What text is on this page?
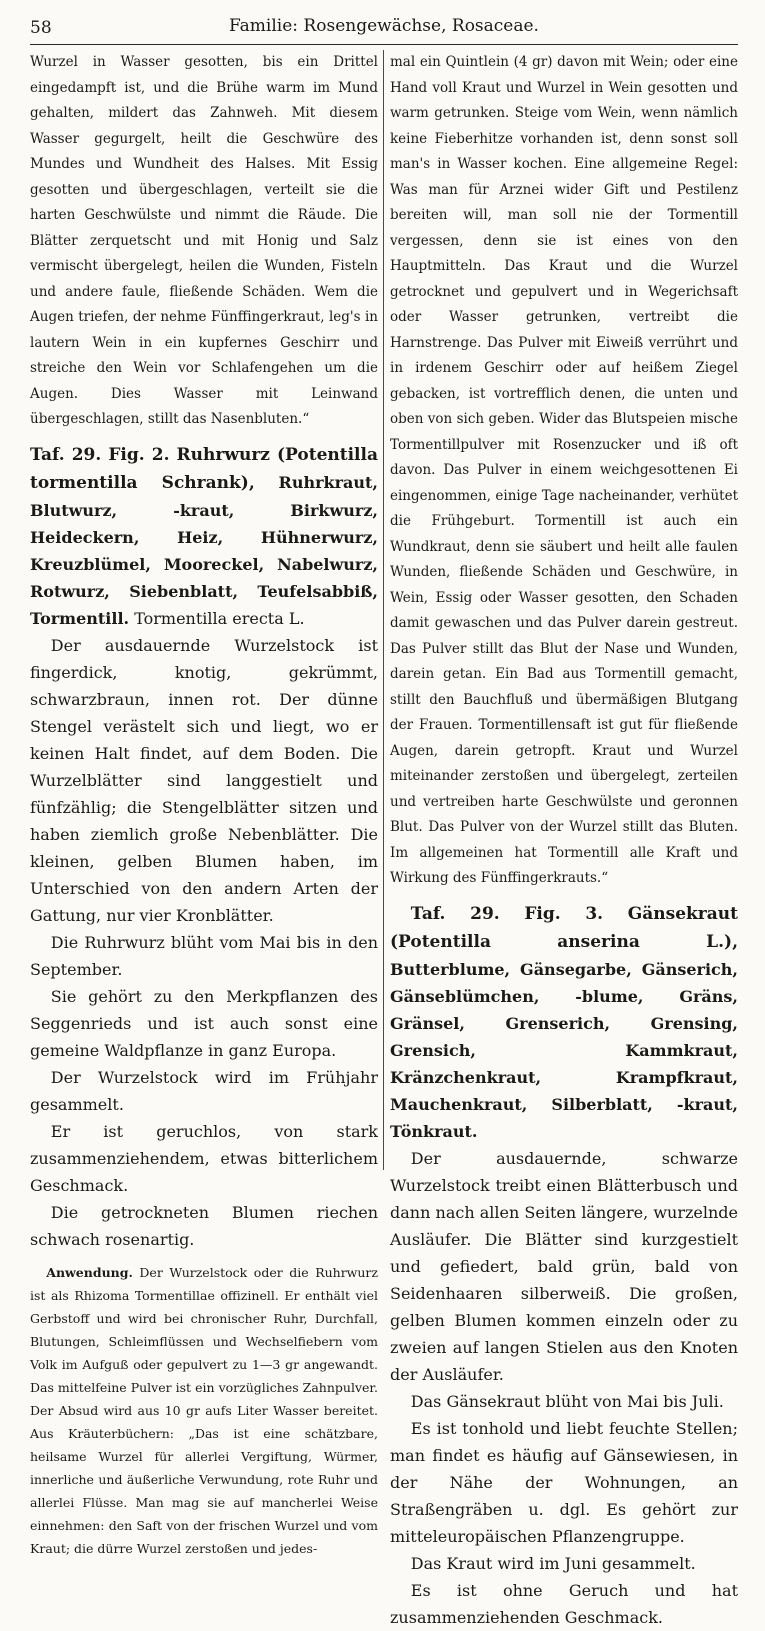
58	Familie: Rosengewächse, Rosaceae.

Wurzel in Wasser gesotten, bis ein Drittel eingedampft ist, und die Brühe warm im Mund gehalten, mildert das Zahnweh. Mit diesem Wasser gegurgelt, heilt die Geschwüre des Mundes und Wundheit des Halses. Mit Essig gesotten und übergeschlagen, verteilt sie die harten Geschwülste und nimmt die Räude. Die Blätter zerquetscht und mit Honig und Salz vermischt übergelegt, heilen die Wunden, Fisteln und andere faule, fließende Schäden. Wem die Augen triefen, der nehme Fünffingerkraut, leg's in lautern Wein in ein kupfernes Geschirr und streiche den Wein vor Schlafengehen um die Augen. Dies Wasser mit Leinwand übergeschlagen, stillt das Nasenbluten.“

Taf. 29. Fig. 2. Ruhrwurz (Potentilla tormentilla Schrank), Ruhrkraut, Blutwurz, -kraut, Birkwurz, Heideckern, Heiz, Hühnerwurz, Kreuzblümel, Mooreckel, Nabelwurz, Rotwurz, Siebenblatt, Teufelsabbiß, Tormentill. Tormentilla erecta L.

Der ausdauernde Wurzelstock ist fingerdick, knotig, gekrümmt, schwarzbraun, innen rot. Der dünne Stengel verästelt sich und liegt, wo er keinen Halt findet, auf dem Boden. Die Wurzelblätter sind langgestielt und fünfzählig; die Stengelblätter sitzen und haben ziemlich große Nebenblätter. Die kleinen, gelben Blumen haben, im Unterschied von den andern Arten der Gattung, nur vier Kronblätter.

Die Ruhrwurz blüht vom Mai bis in den September.

Sie gehört zu den Merkpflanzen des Seggenrieds und ist auch sonst eine gemeine Waldpflanze in ganz Europa.

Der Wurzelstock wird im Frühjahr gesammelt.

Er ist geruchlos, von stark zusammenziehendem, etwas bitterlichem Geschmack.

Die getrockneten Blumen riechen schwach rosenartig.

Anwendung. Der Wurzelstock oder die Ruhrwurz ist als Rhizoma Tormentillae offizinell. Er enthält viel Gerbstoff und wird bei chronischer Ruhr, Durchfall, Blutungen, Schleimflüssen und Wechselfiebern vom Volk im Aufguß oder gepulvert zu 1—3 gr angewandt. Das mittelfeine Pulver ist ein vorzügliches Zahnpulver. Der Absud wird aus 10 gr aufs Liter Wasser bereitet. Aus Kräuterbüchern: „Das ist eine schätzbare, heilsame Wurzel für allerlei Vergiftung, Würmer, innerliche und äußerliche Verwundung, rote Ruhr und allerlei Flüsse. Man mag sie auf mancherlei Weise einnehmen: den Saft von der frischen Wurzel und vom Kraut; die dürre Wurzel zerstoßen und jedes-

mal ein Quintlein (4 gr) davon mit Wein; oder eine Hand voll Kraut und Wurzel in Wein gesotten und warm getrunken. Steige vom Wein, wenn nämlich keine Fieberhitze vorhanden ist, denn sonst soll man's in Wasser kochen. Eine allgemeine Regel: Was man für Arznei wider Gift und Pestilenz bereiten will, man soll nie der Tormentill vergessen, denn sie ist eines von den Hauptmitteln. Das Kraut und die Wurzel getrocknet und gepulvert und in Wegerichsaft oder Wasser getrunken, vertreibt die Harnstrenge. Das Pulver mit Eiweiß verrührt und in irdenem Geschirr oder auf heißem Ziegel gebacken, ist vortrefflich denen, die unten und oben von sich geben. Wider das Blutspeien mische Tormentillpulver mit Rosenzucker und iß oft davon. Das Pulver in einem weichgesottenen Ei eingenommen, einige Tage nacheinander, verhütet die Frühgeburt. Tormentill ist auch ein Wundkraut, denn sie säubert und heilt alle faulen Wunden, fließende Schäden und Geschwüre, in Wein, Essig oder Wasser gesotten, den Schaden damit gewaschen und das Pulver darein gestreut. Das Pulver stillt das Blut der Nase und Wunden, darein getan. Ein Bad aus Tormentill gemacht, stillt den Bauchfluß und übermäßigen Blutgang der Frauen. Tormentillensaft ist gut für fließende Augen, darein getropft. Kraut und Wurzel miteinander zerstoßen und übergelegt, zerteilen und vertreiben harte Geschwülste und geronnen Blut. Das Pulver von der Wurzel stillt das Bluten. Im allgemeinen hat Tormentill alle Kraft und Wirkung des Fünffingerkrauts.“

Taf. 29. Fig. 3. Gänsekraut (Potentilla anserina L.), Butterblume, Gänsegarbe, Gänserich, Gänseblümchen, -blume, Gräns, Gränsel, Grenserich, Grensing, Grensich, Kammkraut, Kränzchenkraut, Krampfkraut, Mauchenkraut, Silberblatt, -kraut, Tönkraut.

Der ausdauernde, schwarze Wurzelstock treibt einen Blätterbusch und dann nach allen Seiten längere, wurzelnde Ausläufer. Die Blätter sind kurzgestielt und gefiedert, bald grün, bald von Seidenhaaren silberweiß. Die großen, gelben Blumen kommen einzeln oder zu zweien auf langen Stielen aus den Knoten der Ausläufer.

Das Gänsekraut blüht von Mai bis Juli.

Es ist tonhold und liebt feuchte Stellen; man findet es häufig auf Gänsewiesen, in der Nähe der Wohnungen, an Straßengräben u. dgl. Es gehört zur mitteleuropäischen Pflanzengruppe.

Das Kraut wird im Juni gesammelt.

Es ist ohne Geruch und hat zusammenziehenden Geschmack.
